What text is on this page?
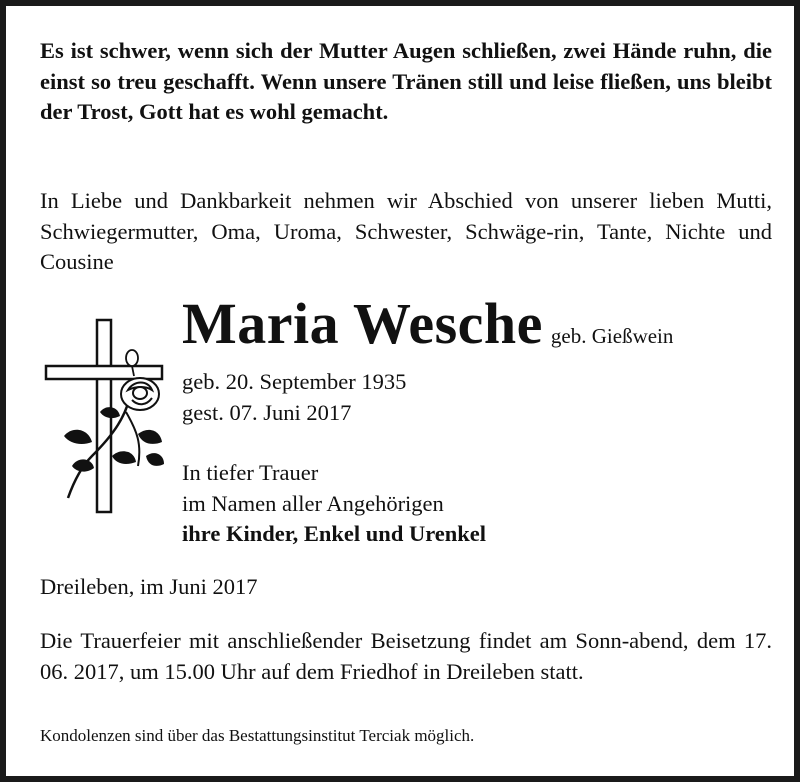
Es ist schwer, wenn sich der Mutter Augen schließen, zwei Hände ruhn, die einst so treu geschafft. Wenn unsere Tränen still und leise fließen, uns bleibt der Trost, Gott hat es wohl gemacht.

In Liebe und Dankbarkeit nehmen wir Abschied von unserer lieben Mutti, Schwiegermutter, Oma, Uroma, Schwester, Schwäge-rin, Tante, Nichte und Cousine

Maria Wesche geb. Gießwein
geb. 20. September 1935
gest. 07. Juni 2017
In tiefer Trauer
im Namen aller Angehörigen
ihre Kinder, Enkel und Urenkel

Dreileben, im Juni 2017

Die Trauerfeier mit anschließender Beisetzung findet am Sonn-abend, dem 17. 06. 2017, um 15.00 Uhr auf dem Friedhof in Dreileben statt.

Kondolenzen sind über das Bestattungsinstitut Terciak möglich.
